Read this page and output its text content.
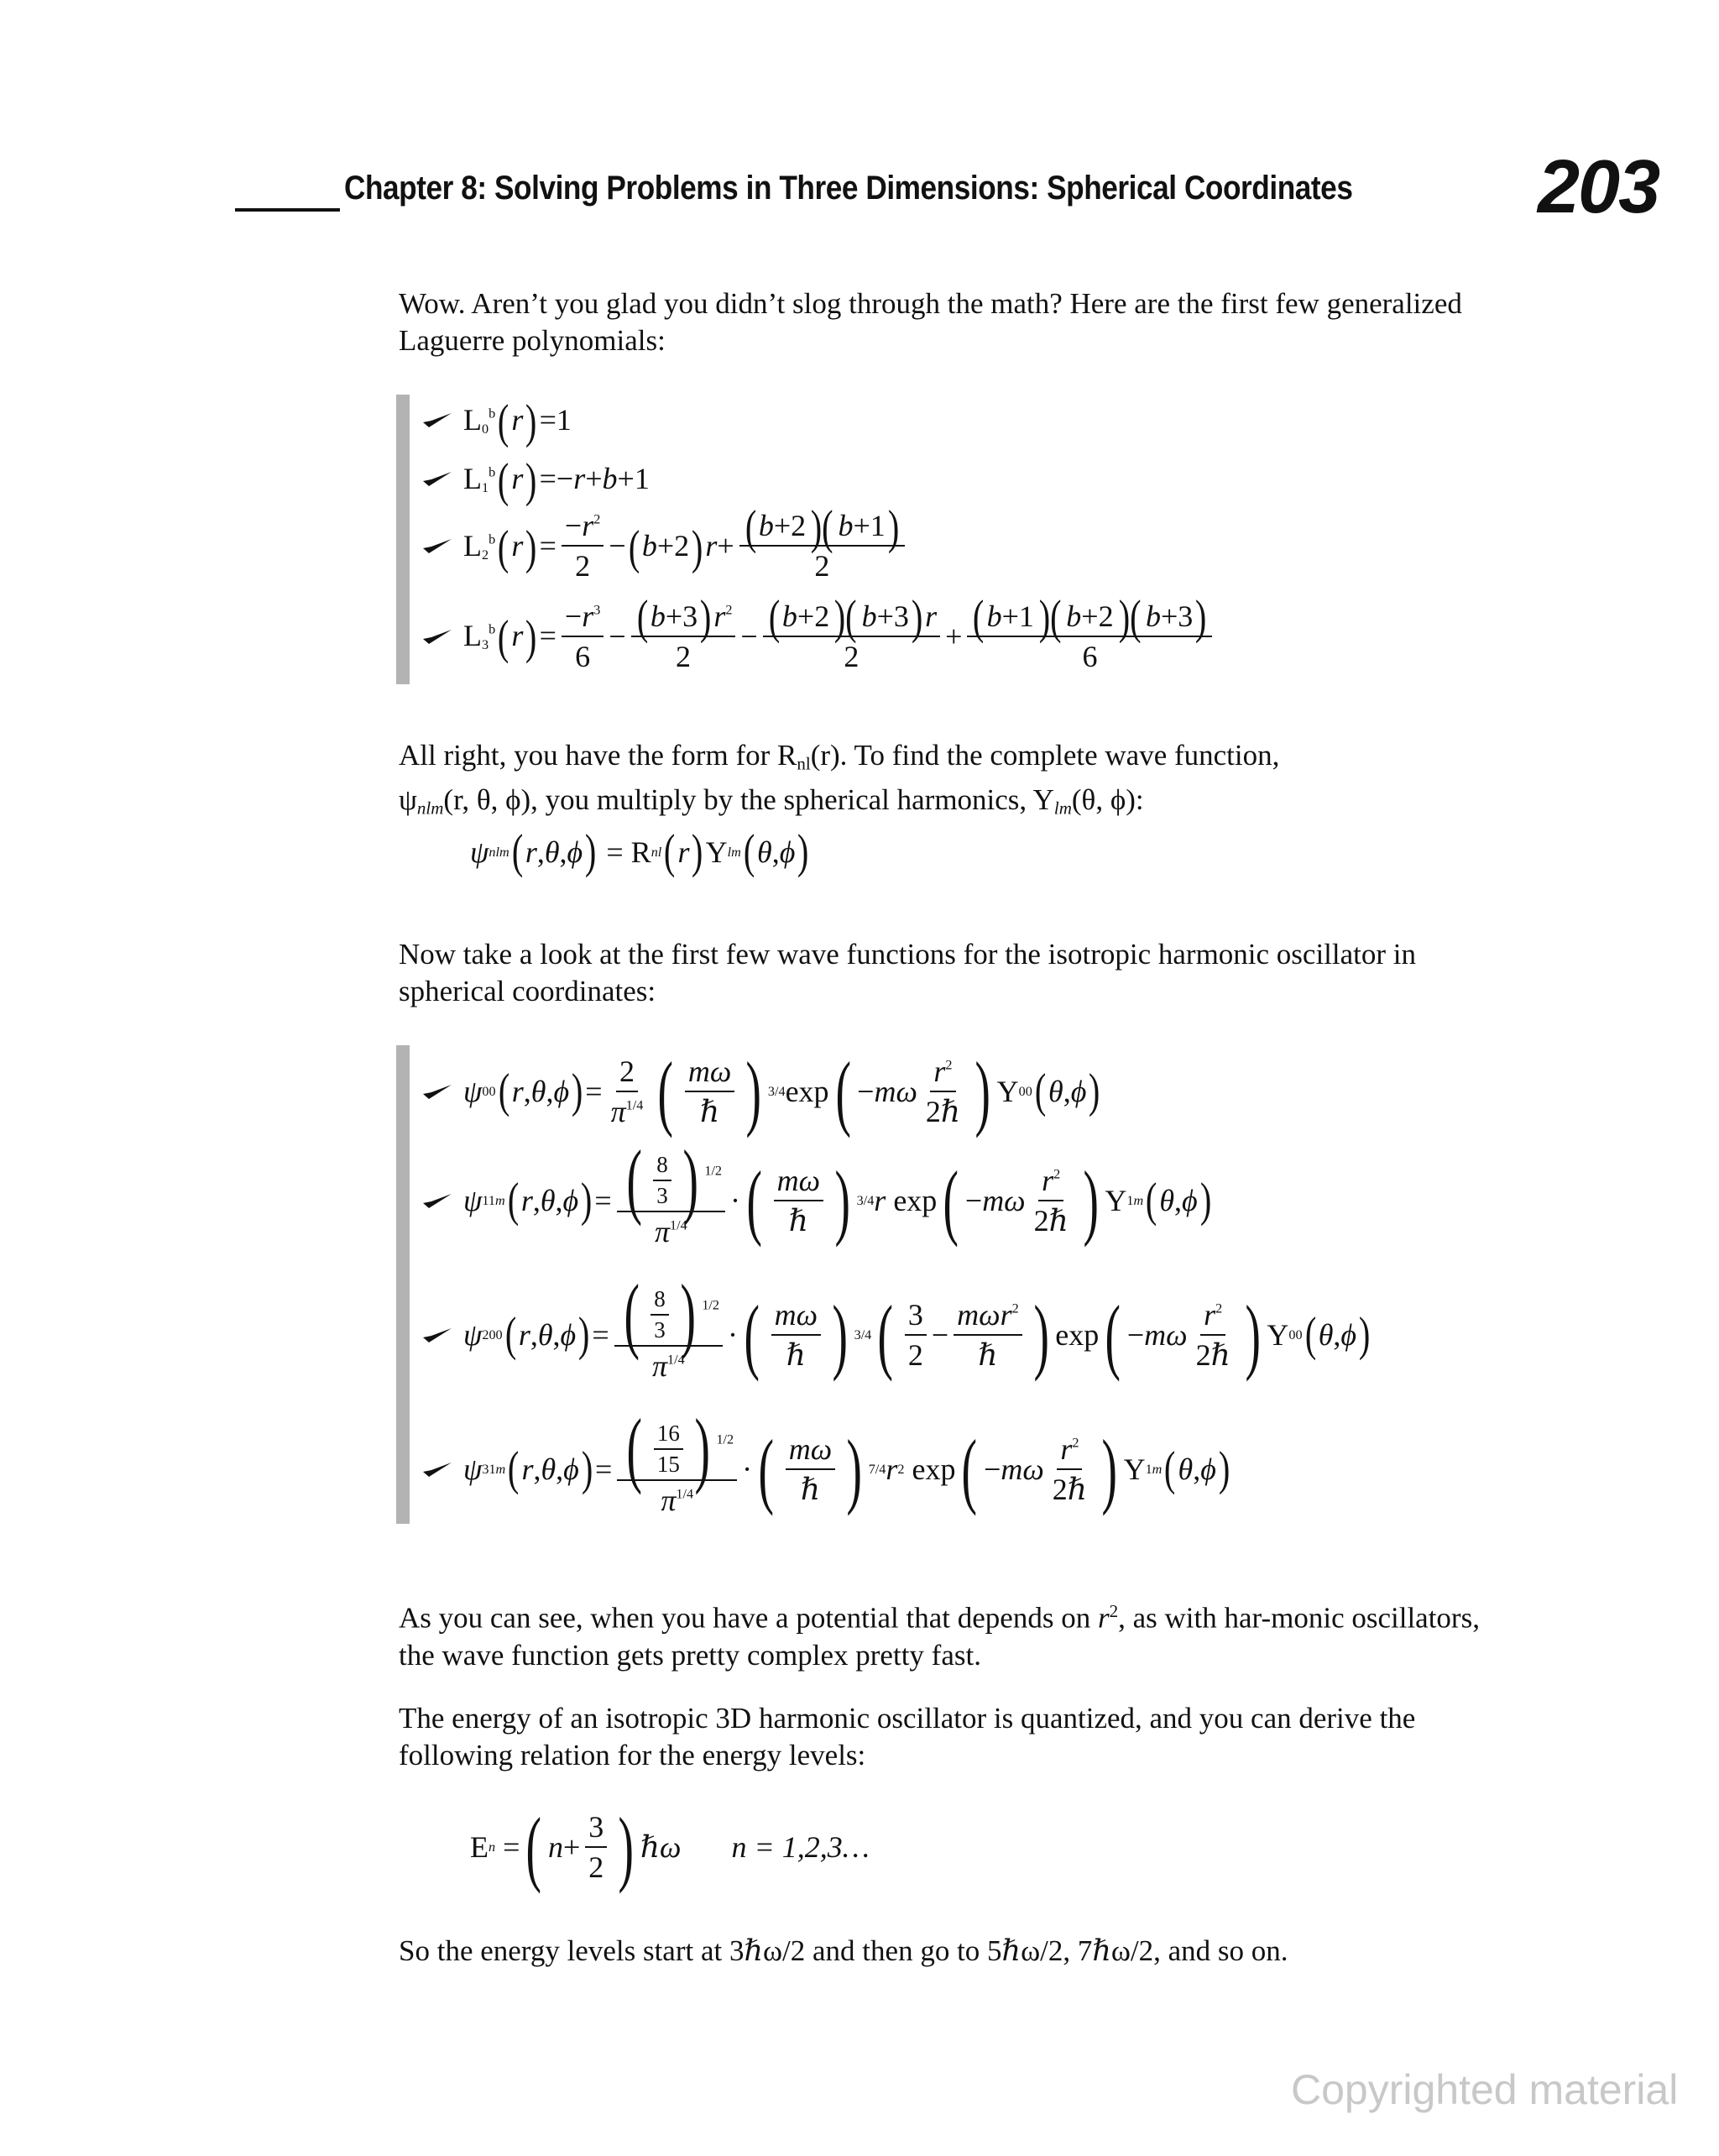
Chapter 8: Solving Problems in Three Dimensions: Spherical Coordinates 203
Wow. Aren’t you glad you didn’t slog through the math? Here are the first few generalized Laguerre polynomials:
$L_0^b(r)=1$
$L_1^b(r)=-r+b+1$
$L_2^b(r)= \frac{-r^2}{2} -(b+2)r+ \frac{(b+2)( b+1)}{2}$
$L_3^b(r)= \frac{-r^3}{6} - \frac{(b+3)r^2}{2} - \frac{(b+2)( b+3)r}{2} + \frac{(b+1)( b+2)( b+3)}{6}$
All right, you have the form for $R_{nl}(r)$. To find the complete wave function,
$\psi_{nlm}(r$, θ, ϕ), you multiply by the spherical harmonics, $Y_{lm}(\theta$, ϕ):
ψ nlm ( r , θ , ϕ ) = R nl ( r ) Y lm ( θ , ϕ )
Now take a look at the first few wave functions for the isotropic harmonic oscillator in spherical coordinates:
ψ 00 ( r , θ , ϕ ) = $\frac{2}{\pi^{1/4}}$ ( $\frac{m\omega}{\text{ℏ}}$ ) 3/4 exp ( − mω $\frac{r^2}{\text{2ℏ}}$ ) Y 00 ( θ , ϕ )
ψ 11m ( r , θ , ϕ ) = $\frac{( \frac{8}{3} ) ^{1/2}}{\pi^{1/4}}$ · ( $\frac{m\omega}{\text{ℏ}}$ ) 3/4 r
exp ( − mω $\frac{r^2}{\text{2ℏ}}$ ) Y 1m ( θ , ϕ )
ψ 200 ( r , θ , ϕ ) = $\frac{( \frac{8}{3} ) ^{1/2}}{\pi^{1/4}}$ · ( $\frac{m\omega}{\text{ℏ}}$ ) 3/4 ( $\frac{3}{2} - \frac{m\omega r^2}{\text{ℏ}}$ ) exp ( − mω $\frac{r^2}{\text{2ℏ}}$ ) Y 00 ( θ , ϕ )
ψ 31m ( r , θ , ϕ ) = $\frac{( \frac{16}{15} ) ^{1/2}}{\pi^{1/4}}$ · ( $\frac{m\omega}{\text{ℏ}}$ ) 7/4 r 2
exp ( − mω $\frac{r^2}{\text{2ℏ}}$ ) Y 1m ( θ , ϕ )
As you can see, when you have a potential that depends on $r^2$, as with har-monic oscillators, the wave function gets pretty complex pretty fast.
The energy of an isotropic 3D harmonic oscillator is quantized, and you can derive the following relation for the energy levels:
E n = ( $n + \frac{3}{2}$ ) ℏω n = 1,2,3…
So the energy levels start at 3ℏω/2 and then go to 5ℏω/2, 7ℏω/2, and so on.
Copyrighted material
